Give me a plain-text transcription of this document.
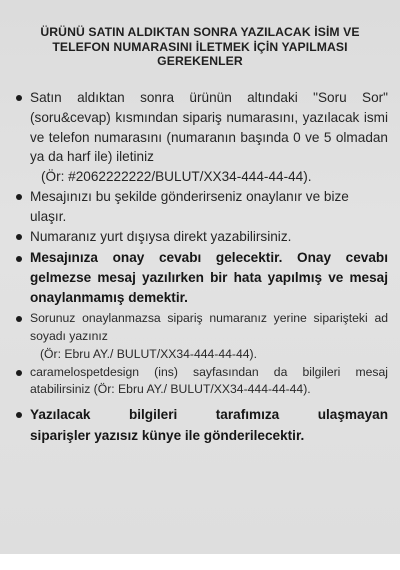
ÜRÜNÜ SATIN ALDIKTAN SONRA YAZILACAK İSİM VE
TELEFON NUMARASINI İLETMEK İÇİN YAPILMASI
GEREKENLER
Satın aldıktan sonra ürünün altındaki "Soru Sor" (soru&cevap) kısmından sipariş numarasını, yazılacak ismi ve telefon numarasını (numaranın başında 0 ve 5 olmadan ya da harf ile) iletiniz
(Ör: #2062222222/BULUT/XX34-444-44-44).
Mesajınızı bu şekilde gönderirseniz onaylanır ve bize ulaşır.
Numaranız yurt dışıysa direkt yazabilirsiniz.
Mesajınıza onay cevabı gelecektir. Onay cevabı gelmezse mesaj yazılırken bir hata yapılmış ve mesaj onaylanmamış demektir.
Sorunuz onaylanmazsa sipariş numaranız yerine siparişteki ad soyadı yazınız
(Ör: Ebru AY./ BULUT/XX34-444-44-44).
caramelospetdesign (ins) sayfasından da bilgileri mesaj atabilirsiniz (Ör: Ebru AY./ BULUT/XX34-444-44-44).
Yazılacak bilgileri tarafımıza ulaşmayan
siparişler yazısız künye ile gönderilecektir.
